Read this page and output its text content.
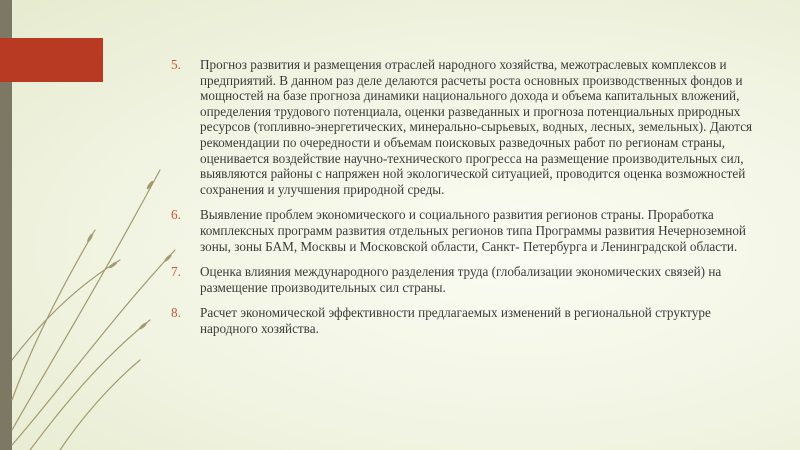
5. Прогноз развития и размещения отраслей народного хозяйства, межотраслевых комплексов и предприятий. В данном раз деле делаются расчеты роста основных производственных фондов и мощностей на базе прогноза динамики национального дохода и объема капитальных вложений, определения трудового потенциала, оценки разведанных и прогноза потенциальных природных ресурсов (топливно-энергетических, минерально-сырьевых, водных, лесных, земельных). Даются рекомендации по очередности и объемам поисковых разведочных работ по регионам страны, оценивается воздействие научно-технического прогресса на размещение производительных сил, выявляются районы с напряжен ной экологической ситуацией, проводится оценка возможностей сохранения и улучшения природной среды.
6. Выявление проблем экономического и социального развития регионов страны. Проработка комплексных программ развития отдельных регионов типа Программы развития Нечерноземной зоны, зоны БАМ, Москвы и Московской области, Санкт- Петербурга и Ленинградской области.
7. Оценка влияния международного разделения труда (глобализации экономических связей) на размещение производительных сил страны.
8. Расчет экономической эффективности предлагаемых изменений в региональной структуре народного хозяйства.
